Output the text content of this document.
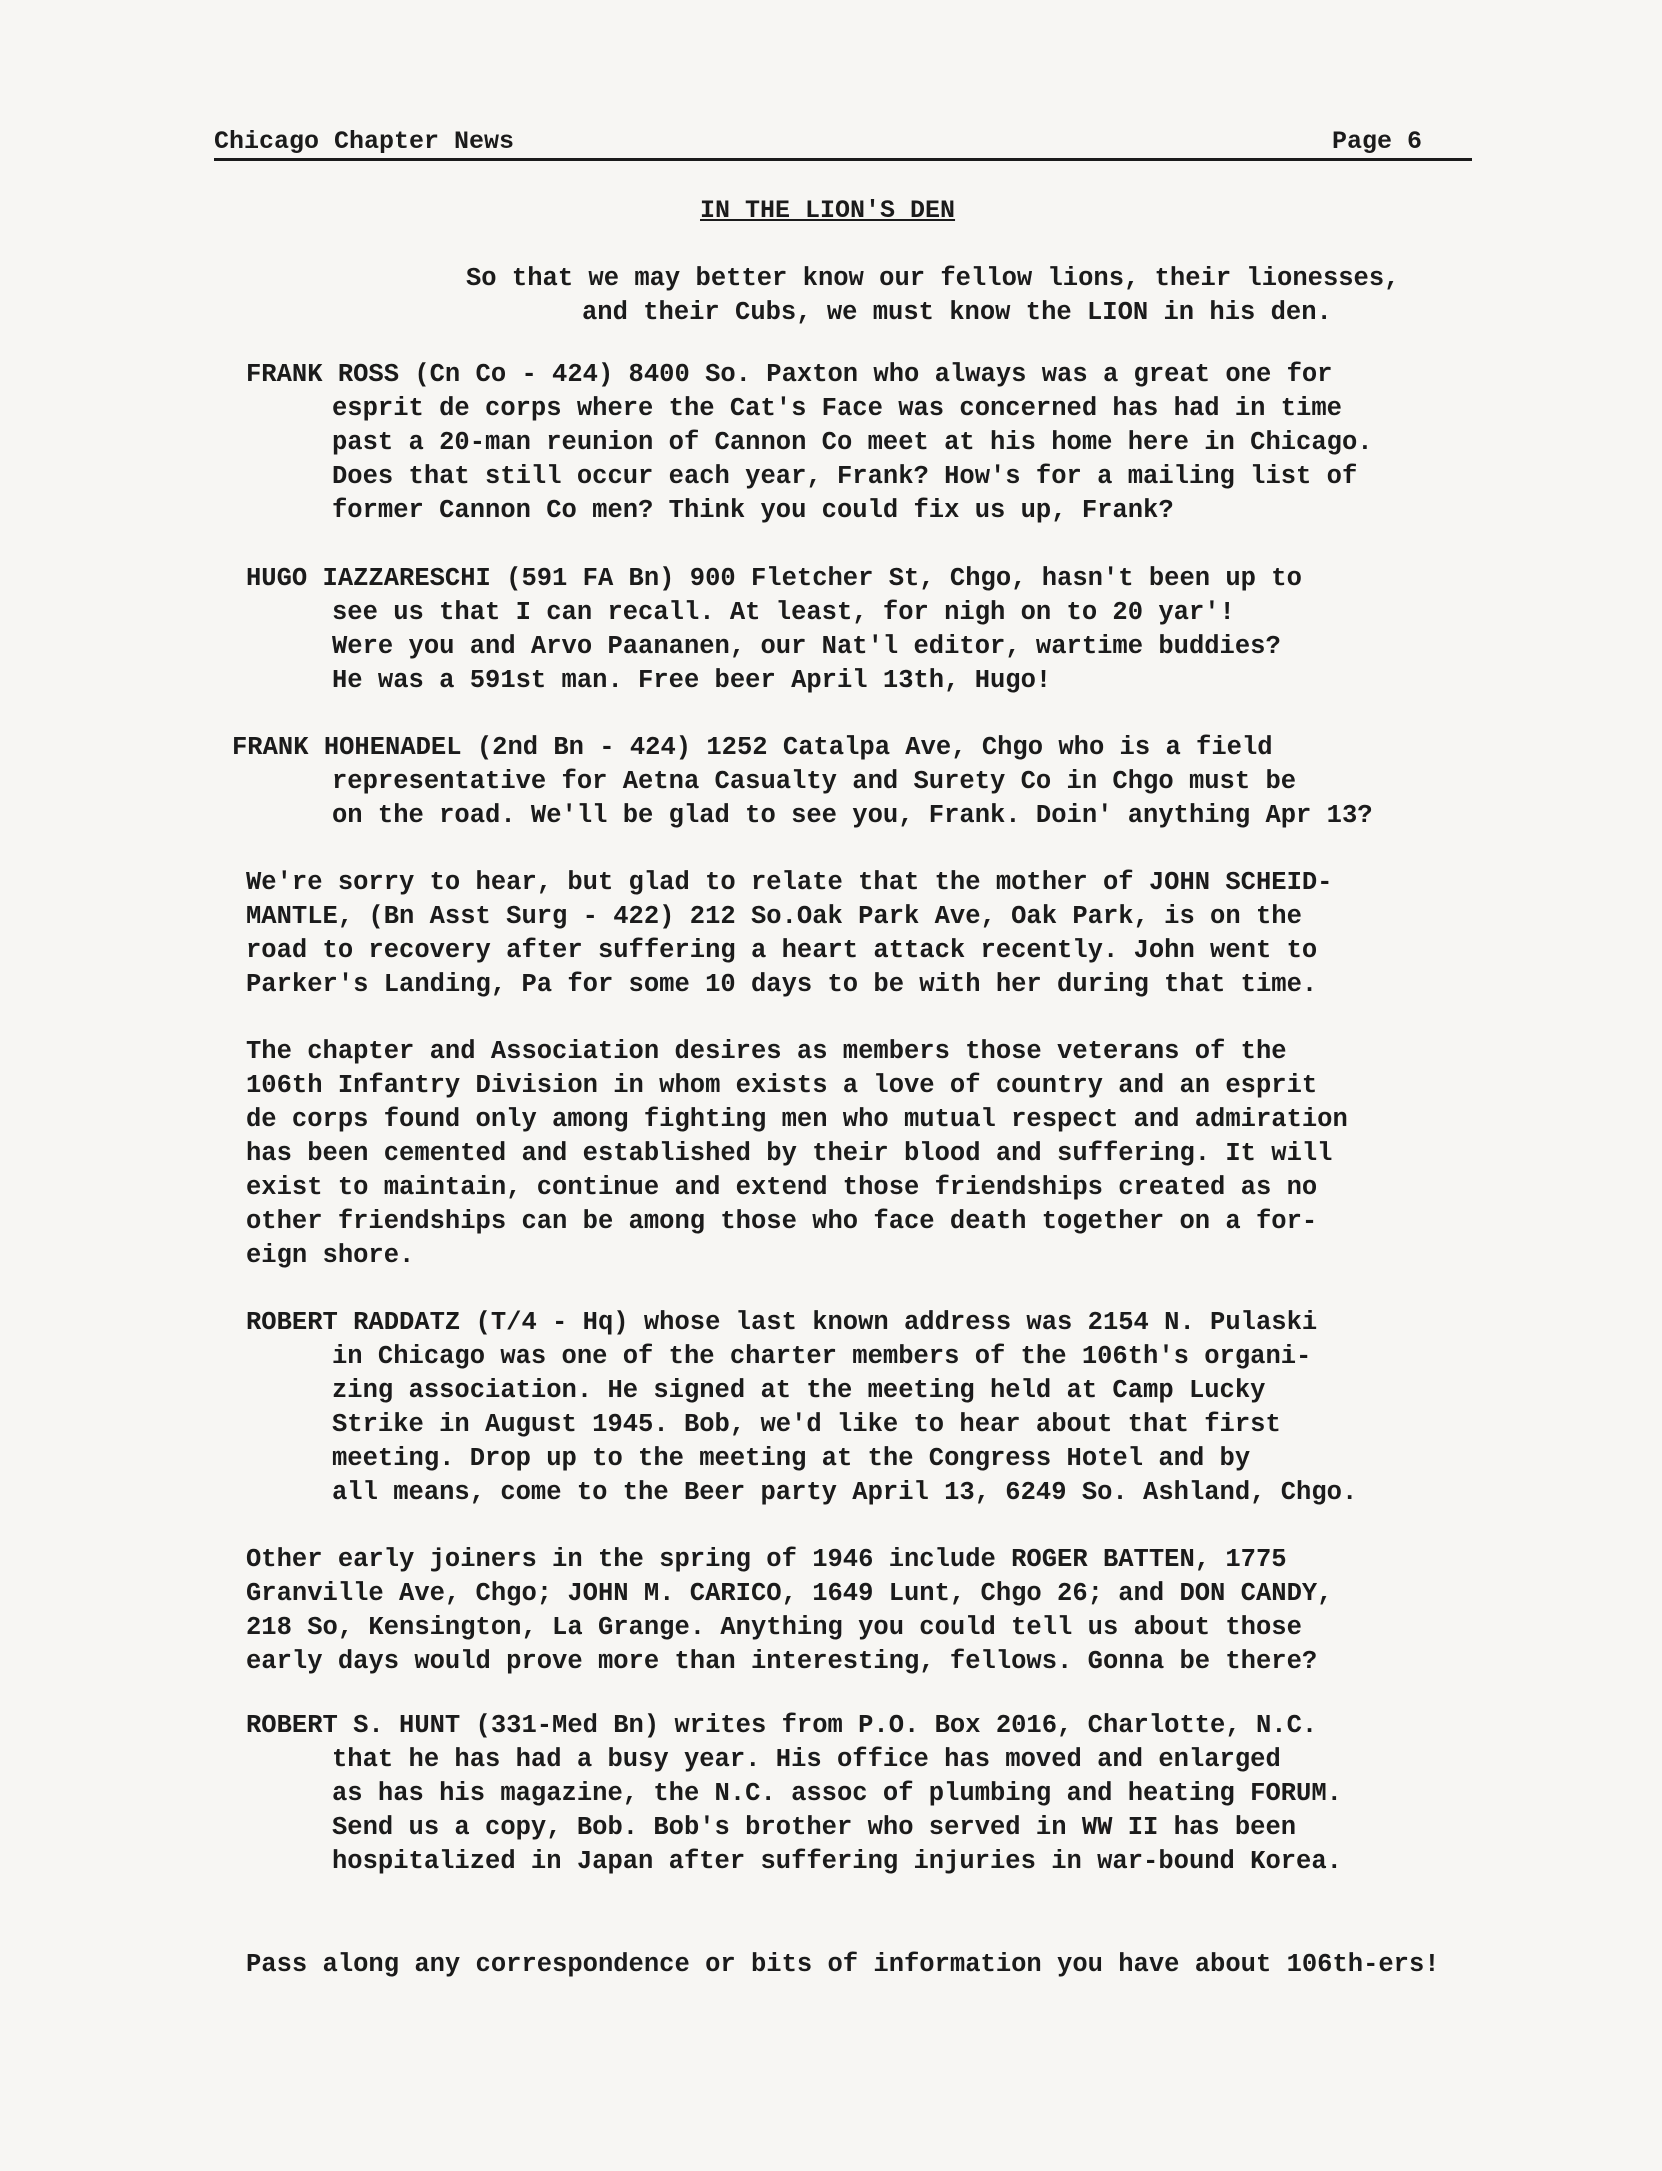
Chicago Chapter News	Page 6
IN THE LION'S DEN
So that we may better know our fellow lions, their lionesses,
and their Cubs, we must know the LION in his den.
FRANK ROSS (Cn Co - 424) 8400 So. Paxton who always was a great one for
esprit de corps where the Cat's Face was concerned has had in time
past a 20-man reunion of Cannon Co meet at his home here in Chicago.
Does that still occur each year, Frank? How's for a mailing list of
former Cannon Co men? Think you could fix us up, Frank?
HUGO IAZZARESCHI (591 FA Bn) 900 Fletcher St, Chgo, hasn't been up to
see us that I can recall. At least, for nigh on to 20 yar'!
Were you and Arvo Paananen, our Nat'l editor, wartime buddies?
He was a 591st man. Free beer April 13th, Hugo!
FRANK HOHENADEL (2nd Bn - 424) 1252 Catalpa Ave, Chgo who is a field
representative for Aetna Casualty and Surety Co in Chgo must be
on the road. We'll be glad to see you, Frank. Doin' anything Apr 13?
We're sorry to hear, but glad to relate that the mother of JOHN SCHEID-
MANTLE, (Bn Asst Surg - 422) 212 So.Oak Park Ave, Oak Park, is on the
road to recovery after suffering a heart attack recently. John went to
Parker's Landing, Pa for some 10 days to be with her during that time.
The chapter and Association desires as members those veterans of the
106th Infantry Division in whom exists a love of country and an esprit
de corps found only among fighting men who mutual respect and admiration
has been cemented and established by their blood and suffering. It will
exist to maintain, continue and extend those friendships created as no
other friendships can be among those who face death together on a for-
eign shore.
ROBERT RADDATZ (T/4 - Hq) whose last known address was 2154 N. Pulaski
in Chicago was one of the charter members of the 106th's organi-
zing association. He signed at the meeting held at Camp Lucky
Strike in August 1945. Bob, we'd like to hear about that first
meeting. Drop up to the meeting at the Congress Hotel and by
all means, come to the Beer party April 13, 6249 So. Ashland, Chgo.
Other early joiners in the spring of 1946 include ROGER BATTEN, 1775
Granville Ave, Chgo; JOHN M. CARICO, 1649 Lunt, Chgo 26; and DON CANDY,
218 So, Kensington, La Grange. Anything you could tell us about those
early days would prove more than interesting, fellows. Gonna be there?
ROBERT S. HUNT (331-Med Bn) writes from P.O. Box 2016, Charlotte, N.C.
that he has had a busy year. His office has moved and enlarged
as has his magazine, the N.C. assoc of plumbing and heating FORUM.
Send us a copy, Bob. Bob's brother who served in WW II has been
hospitalized in Japan after suffering injuries in war-bound Korea.
Pass along any correspondence or bits of information you have about 106th-ers!
